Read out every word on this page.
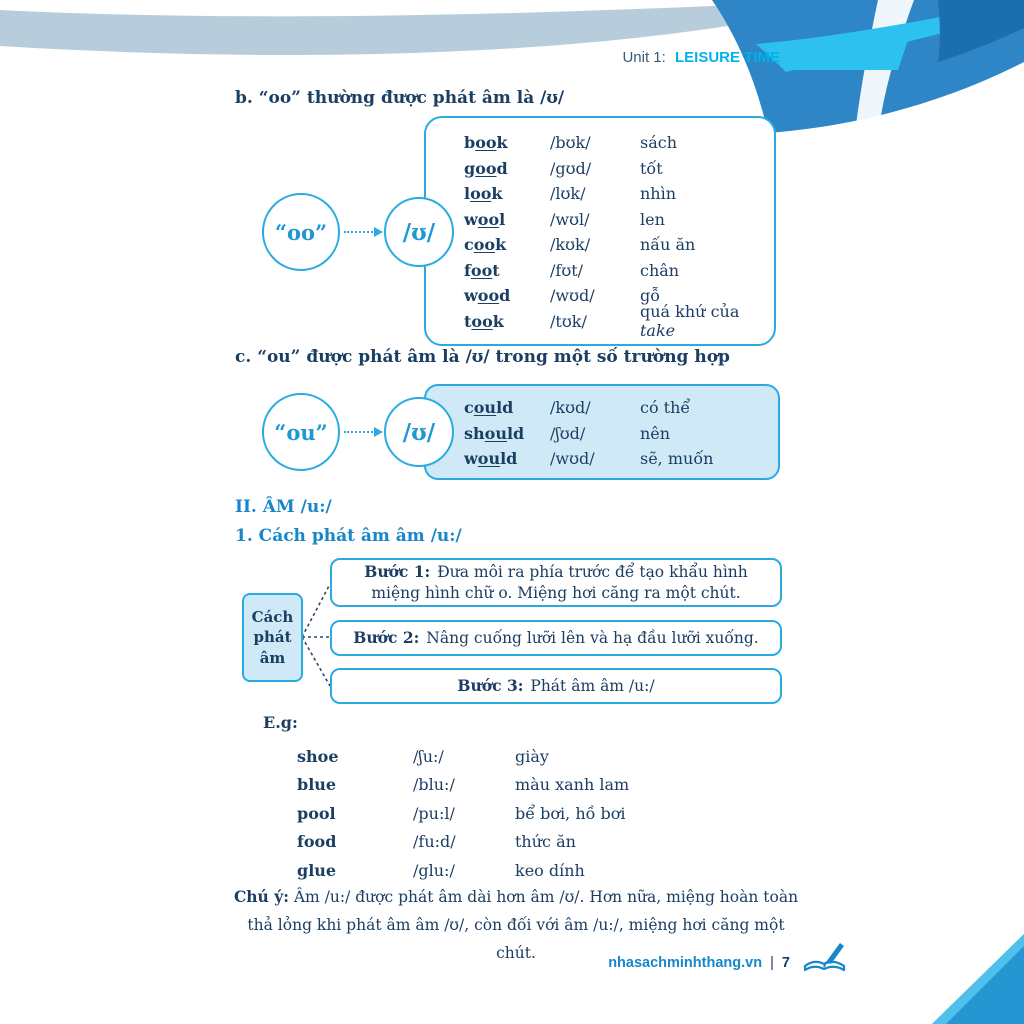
Unit 1: LEISURE TIME
b. “oo” thường được phát âm là /ʊ/
“oo”	/ʊ/
book	/bʊk/	sách
good	/gʊd/	tốt
look	/lʊk/	nhìn
wool	/wʊl/	len
cook	/kʊk/	nấu ăn
foot	/fʊt/	chân
wood	/wʊd/	gỗ
took	/tʊk/	quá khứ của take
c. “ou” được phát âm là /ʊ/ trong một số trường hợp
“ou”	/ʊ/
could	/kʊd/	có thể
should	/ʃʊd/	nên
would	/wʊd/	sẽ, muốn
II. ÂM /u:/
1. Cách phát âm âm /u:/
Cách
phát
âm
Bước 1: Đưa môi ra phía trước để tạo khẩu hình miệng hình chữ o. Miệng hơi căng ra một chút.
Bước 2: Nâng cuống lưỡi lên và hạ đầu lưỡi xuống.
Bước 3: Phát âm âm /u:/
E.g:
shoe	/ʃu:/	giày
blue	/blu:/	màu xanh lam
pool	/pu:l/	bể bơi, hồ bơi
food	/fu:d/	thức ăn
glue	/glu:/	keo dính
Chú ý: Âm /u:/ được phát âm dài hơn âm /ʊ/. Hơn nữa, miệng hoàn toàn thả lỏng khi phát âm âm /ʊ/, còn đối với âm /u:/, miệng hơi căng một chút.
nhasachminhthang.vn | 7
